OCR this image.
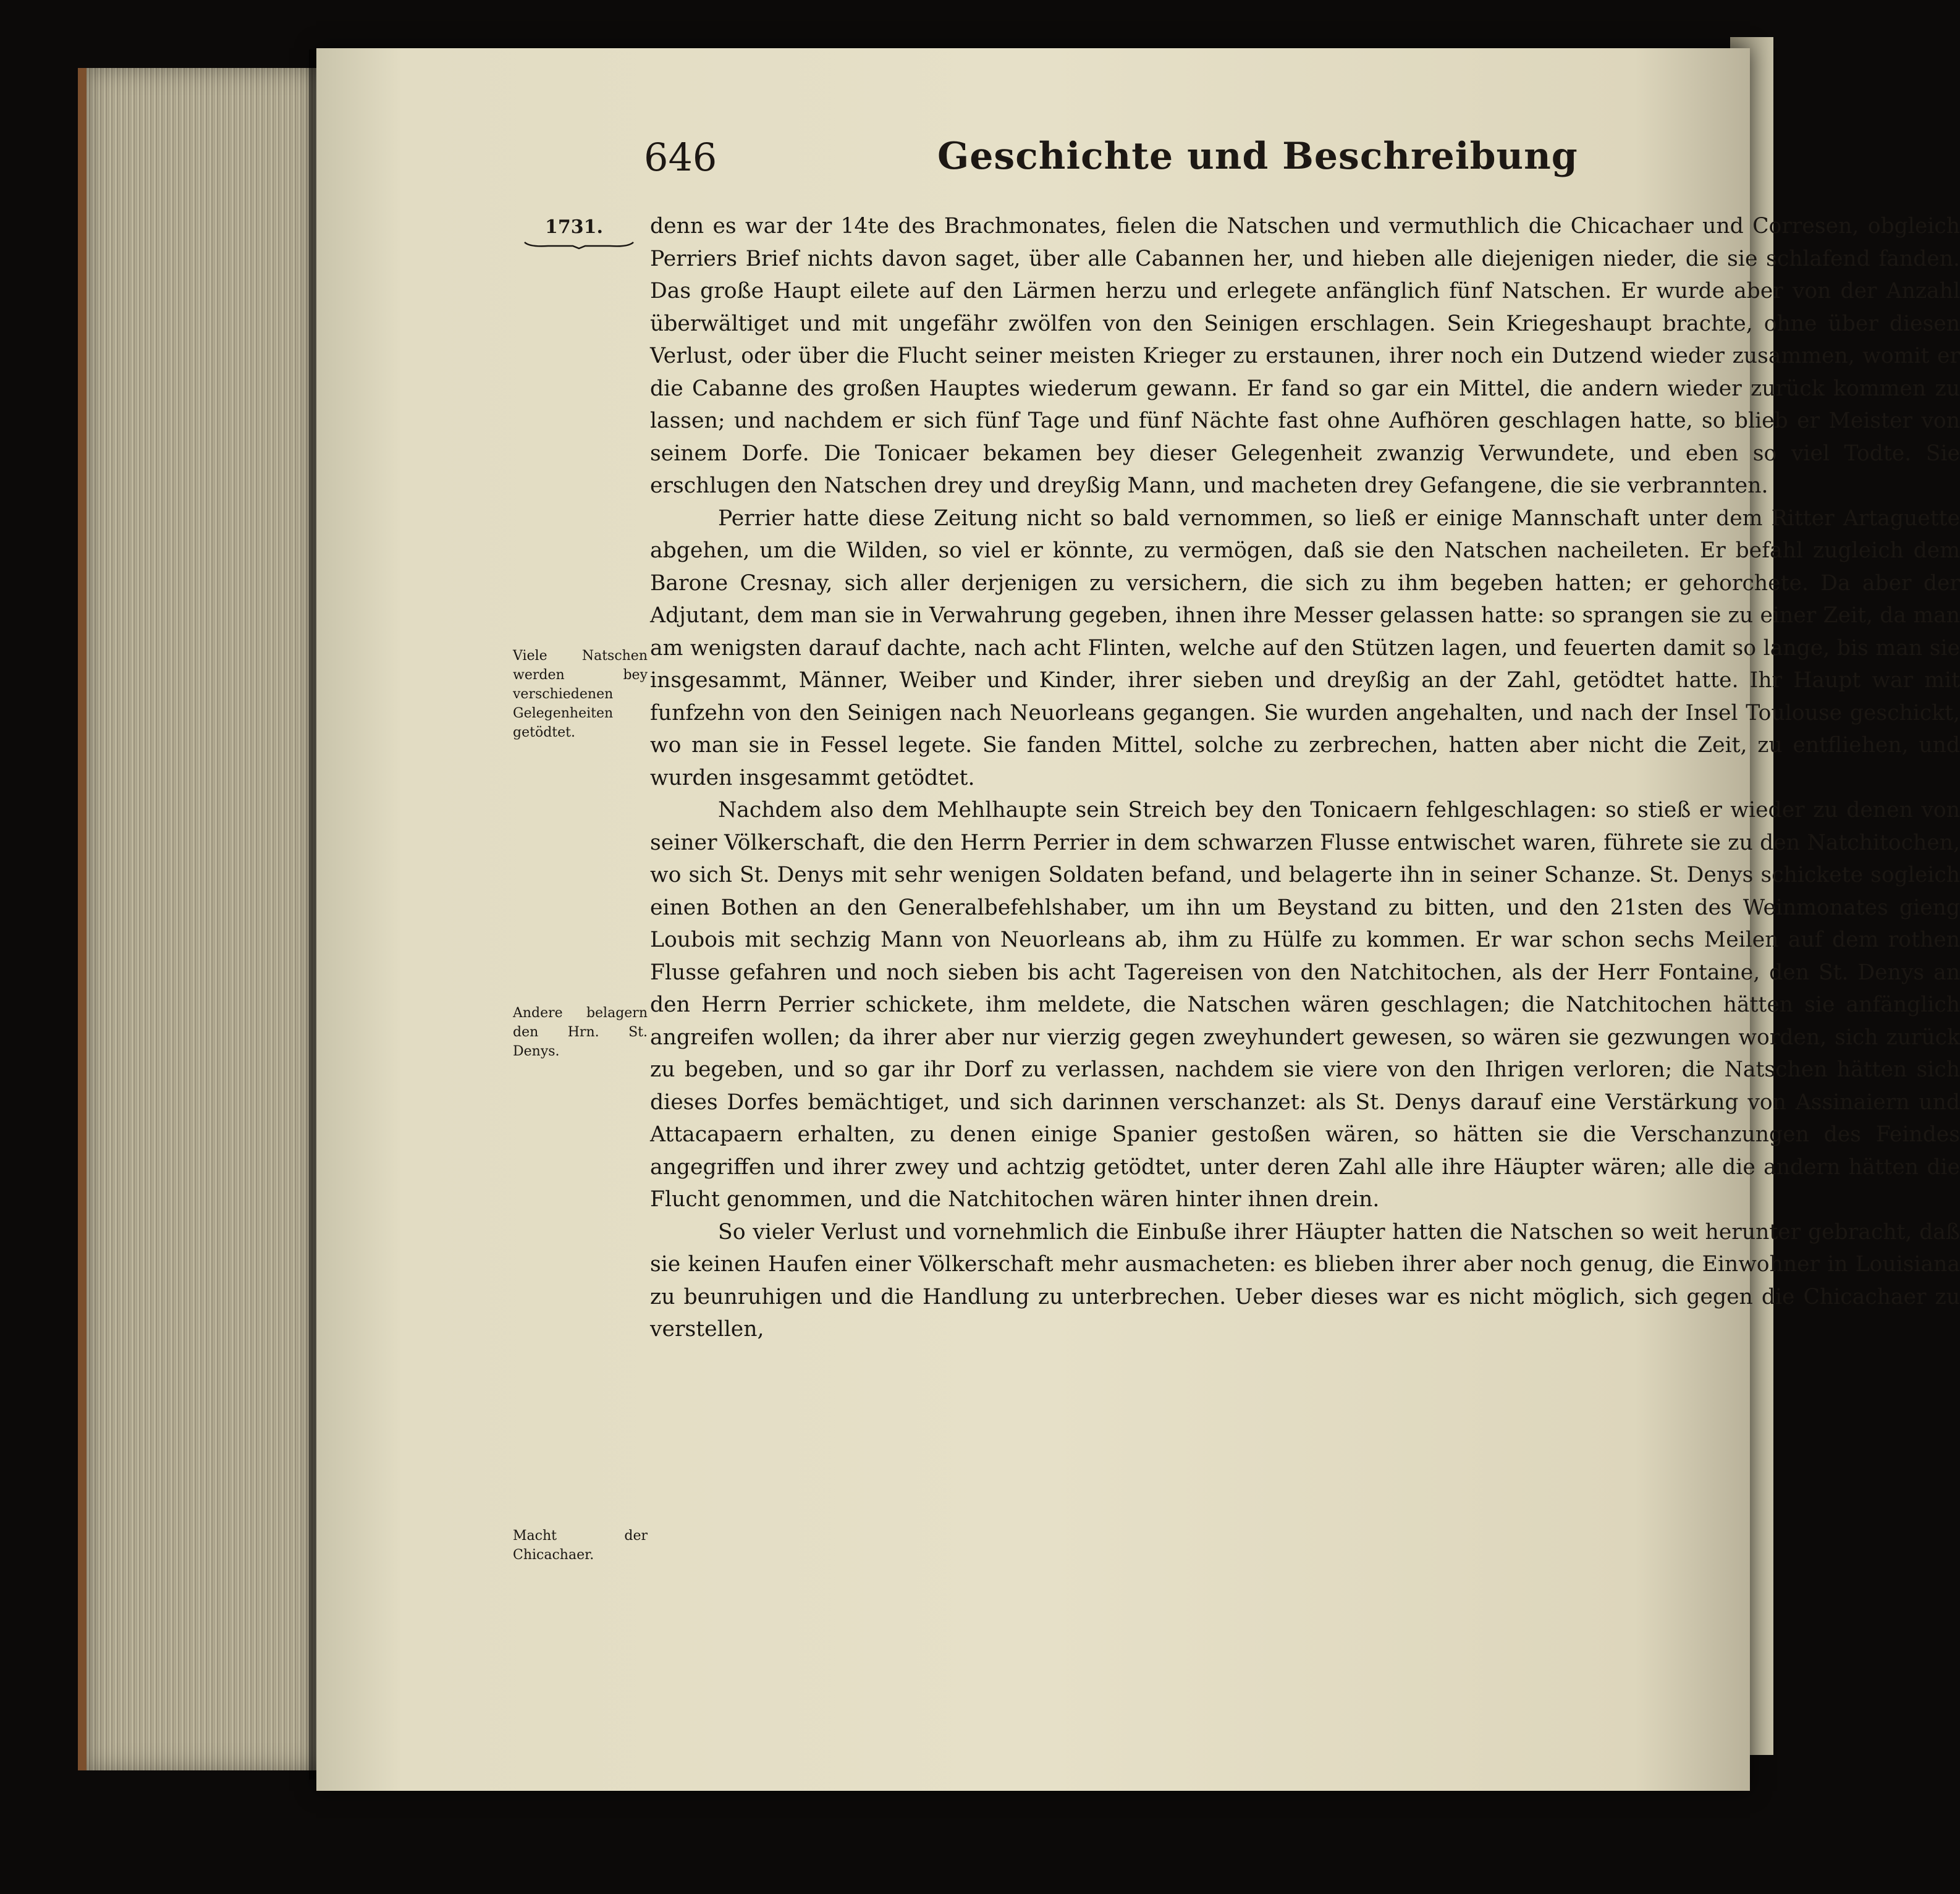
646	Geschichte und Beschreibung
1731.
Viele Natschen werden bey verschiedenen Gelegenheiten getödtet.
Andere belagern den Hrn. St. Denys.
Macht der Chicachaer.

denn es war der 14te des Brachmonates, fielen die Natschen und vermuthlich die Chicachaer und Corresen, obgleich Perriers Brief nichts davon saget, über alle Cabannen her, und hieben alle diejenigen nieder, die sie schlafend fanden. Das große Haupt eilete auf den Lärmen herzu und erlegete anfänglich fünf Natschen. Er wurde aber von der Anzahl überwältiget und mit ungefähr zwölfen von den Seinigen erschlagen. Sein Kriegeshaupt brachte, ohne über diesen Verlust, oder über die Flucht seiner meisten Krieger zu erstaunen, ihrer noch ein Dutzend wieder zusammen, womit er die Cabanne des großen Hauptes wiederum gewann. Er fand so gar ein Mittel, die andern wieder zurück kommen zu lassen; und nachdem er sich fünf Tage und fünf Nächte fast ohne Aufhören geschlagen hatte, so blieb er Meister von seinem Dorfe. Die Tonicaer bekamen bey dieser Gelegenheit zwanzig Verwundete, und eben so viel Todte. Sie erschlugen den Natschen drey und dreyßig Mann, und macheten drey Gefangene, die sie verbrannten.

Perrier hatte diese Zeitung nicht so bald vernommen, so ließ er einige Mannschaft unter dem Ritter Artaguette abgehen, um die Wilden, so viel er könnte, zu vermögen, daß sie den Natschen nacheileten. Er befahl zugleich dem Barone Cresnay, sich aller derjenigen zu versichern, die sich zu ihm begeben hatten; er gehorchete. Da aber der Adjutant, dem man sie in Verwahrung gegeben, ihnen ihre Messer gelassen hatte: so sprangen sie zu einer Zeit, da man am wenigsten darauf dachte, nach acht Flinten, welche auf den Stützen lagen, und feuerten damit so lange, bis man sie insgesammt, Männer, Weiber und Kinder, ihrer sieben und dreyßig an der Zahl, getödtet hatte. Ihr Haupt war mit funfzehn von den Seinigen nach Neuorleans gegangen. Sie wurden angehalten, und nach der Insel Toulouse geschickt, wo man sie in Fessel legete. Sie fanden Mittel, solche zu zerbrechen, hatten aber nicht die Zeit, zu entfliehen, und wurden insgesammt getödtet.

Nachdem also dem Mehlhaupte sein Streich bey den Tonicaern fehlgeschlagen: so stieß er wieder zu denen von seiner Völkerschaft, die den Herrn Perrier in dem schwarzen Flusse entwischet waren, führete sie zu den Natchitochen, wo sich St. Denys mit sehr wenigen Soldaten befand, und belagerte ihn in seiner Schanze. St. Denys schickete sogleich einen Bothen an den Generalbefehlshaber, um ihn um Beystand zu bitten, und den 21sten des Weinmonates gieng Loubois mit sechzig Mann von Neuorleans ab, ihm zu Hülfe zu kommen. Er war schon sechs Meilen auf dem rothen Flusse gefahren und noch sieben bis acht Tagereisen von den Natchitochen, als der Herr Fontaine, den St. Denys an den Herrn Perrier schickete, ihm meldete, die Natschen wären geschlagen; die Natchitochen hätten sie anfänglich angreifen wollen; da ihrer aber nur vierzig gegen zweyhundert gewesen, so wären sie gezwungen worden, sich zurück zu begeben, und so gar ihr Dorf zu verlassen, nachdem sie viere von den Ihrigen verloren; die Natschen hätten sich dieses Dorfes bemächtiget, und sich darinnen verschanzet: als St. Denys darauf eine Verstärkung von Assinaiern und Attacapaern erhalten, zu denen einige Spanier gestoßen wären, so hätten sie die Verschanzungen des Feindes angegriffen und ihrer zwey und achtzig getödtet, unter deren Zahl alle ihre Häupter wären; alle die andern hätten die Flucht genommen, und die Natchitochen wären hinter ihnen drein.

So vieler Verlust und vornehmlich die Einbuße ihrer Häupter hatten die Natschen so weit herunter gebracht, daß sie keinen Haufen einer Völkerschaft mehr ausmacheten: es blieben ihrer aber noch genug, die Einwohner in Louisiana zu beunruhigen und die Handlung zu unterbrechen. Ueber dieses war es nicht möglich, sich gegen die Chicachaer zu verstellen,
